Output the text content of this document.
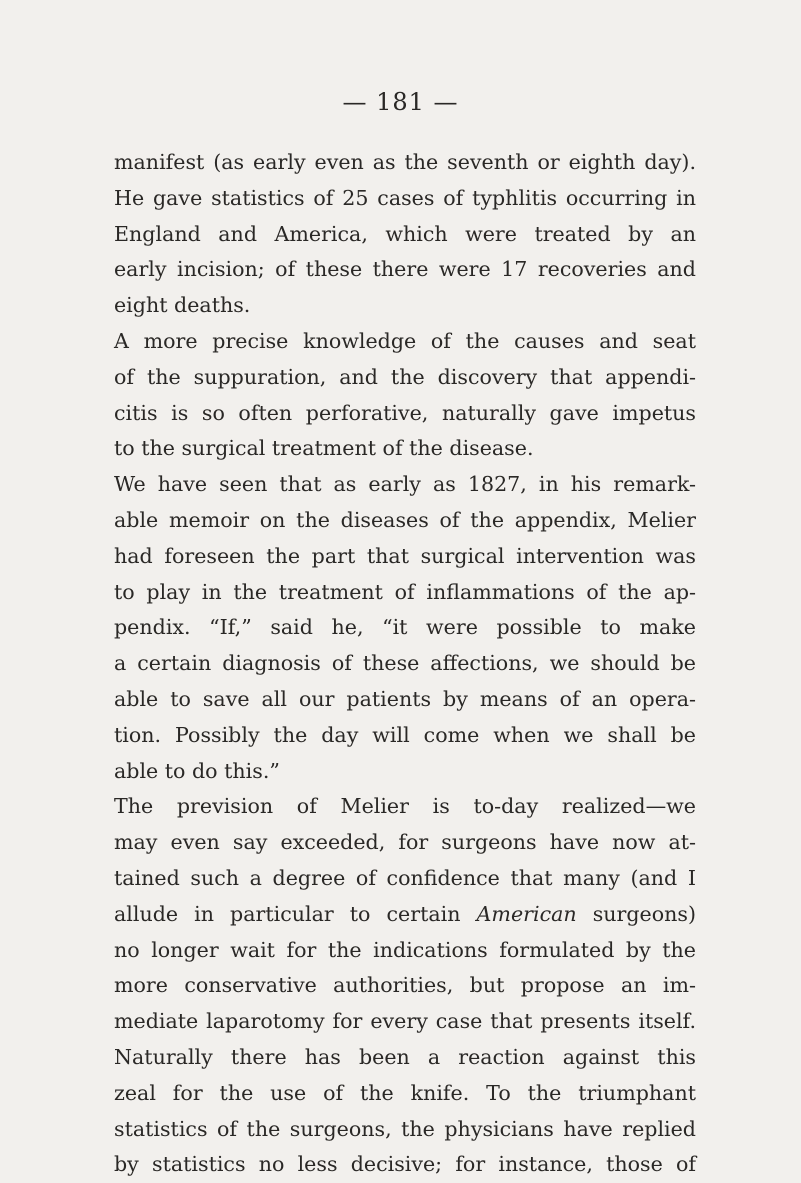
— 181 —
manifest (as early even as the seventh or eighth day).
He gave statistics of 25 cases of typhlitis occurring in
England and America, which were treated by an
early incision; of these there were 17 recoveries and
eight deaths.
A more precise knowledge of the causes and seat
of the suppuration, and the discovery that appendi-
citis is so often perforative, naturally gave impetus
to the surgical treatment of the disease.
We have seen that as early as 1827, in his remark-
able memoir on the diseases of the appendix, Melier
had foreseen the part that surgical intervention was
to play in the treatment of inflammations of the ap-
pendix. “If,” said he, “it were possible to make
a certain diagnosis of these affections, we should be
able to save all our patients by means of an opera-
tion. Possibly the day will come when we shall be
able to do this.”
The prevision of Melier is to-day realized—we
may even say exceeded, for surgeons have now at-
tained such a degree of confidence that many (and I
allude in particular to certain American surgeons)
no longer wait for the indications formulated by the
more conservative authorities, but propose an im-
mediate laparotomy for every case that presents itself.
Naturally there has been a reaction against this
zeal for the use of the knife. To the triumphant
statistics of the surgeons, the physicians have replied
by statistics no less decisive; for instance, those of
